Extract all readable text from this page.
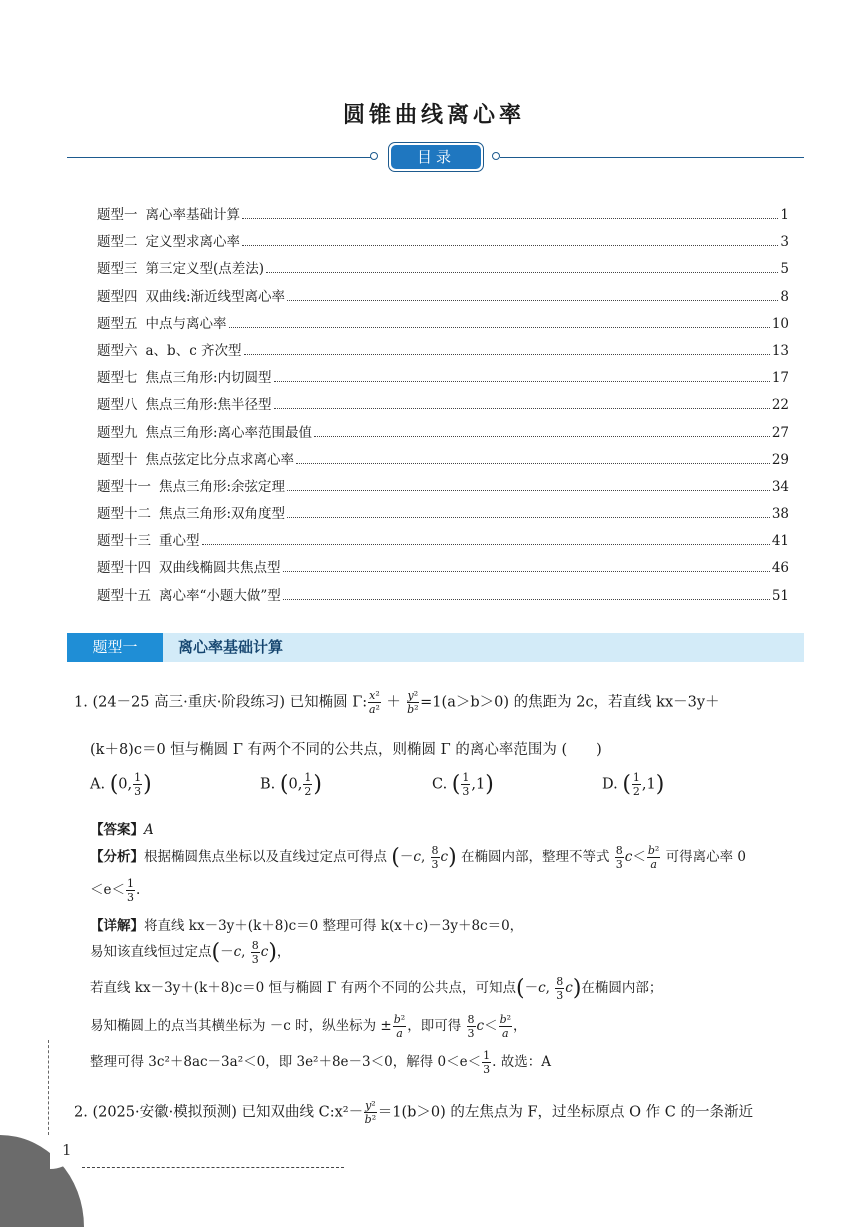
圆锥曲线离心率
目录
题型一 离心率基础计算	1
题型二 定义型求离心率	3
题型三 第三定义型(点差法)	5
题型四 双曲线:渐近线型离心率	8
题型五 中点与离心率	10
题型六 a、b、c 齐次型	13
题型七 焦点三角形:内切圆型	17
题型八 焦点三角形:焦半径型	22
题型九 焦点三角形:离心率范围最值	27
题型十 焦点弦定比分点求离心率	29
题型十一 焦点三角形:余弦定理	34
题型十二 焦点三角形:双角度型	38
题型十三 重心型	41
题型十四 双曲线椭圆共焦点型	46
题型十五 离心率“小题大做”型	51
题型一	离心率基础计算
1. (24－25 高三·重庆·阶段练习) 已知椭圆 Γ: $\frac{\text{x²}}{\text{a²}} + \frac{\text{y²}}{\text{b²}} =1(a>b>0)$ 的焦距为 2c，若直线 kx－3y＋
(k＋8)c＝0 恒与椭圆 Γ 有两个不同的公共点，则椭圆 Γ 的离心率范围为 (　　)
A. (0, $\frac{1}{3}$ )	B. (0, $\frac{1}{2}$ )	C. ( $\frac{1}{3} ,1$)	D. ( $\frac{1}{2} ,1$)
【答案】A
【分析】根据椭圆焦点坐标以及直线过定点可得点 (－c, $\frac{8}{3} c$) 在椭圆内部，整理不等式 $\frac{8}{3} c< \frac{\text{b²}}{a}$ 可得离心率 0
$<e< \frac{1}{3}$ .
【详解】将直线 kx－3y＋(k＋8)c＝0 整理可得 k(x＋c)－3y＋8c＝0，
易知该直线恒过定点(－c, $\frac{8}{3} c$)，
若直线 kx－3y＋(k＋8)c＝0 恒与椭圆 Γ 有两个不同的公共点，可知点(－c, $\frac{8}{3} c$)在椭圆内部；
易知椭圆上的点当其横坐标为 －c 时，纵坐标为 ± $\frac{\text{b²}}{a}$ ，即可得 $\frac{8}{3} c< \frac{\text{b²}}{a}$ ，
整理可得 3c²＋8ac－3a²＜0，即 3e²＋8e－3＜0，解得 $0<e< \frac{1}{3}$ . 故选：A
2. (2025·安徽·模拟预测) 已知双曲线 C:x²－ $\frac{\text{y²}}{\text{b²}} =1(b>0)$ 的左焦点为 F，过坐标原点 O 作 C 的一条渐近
1
